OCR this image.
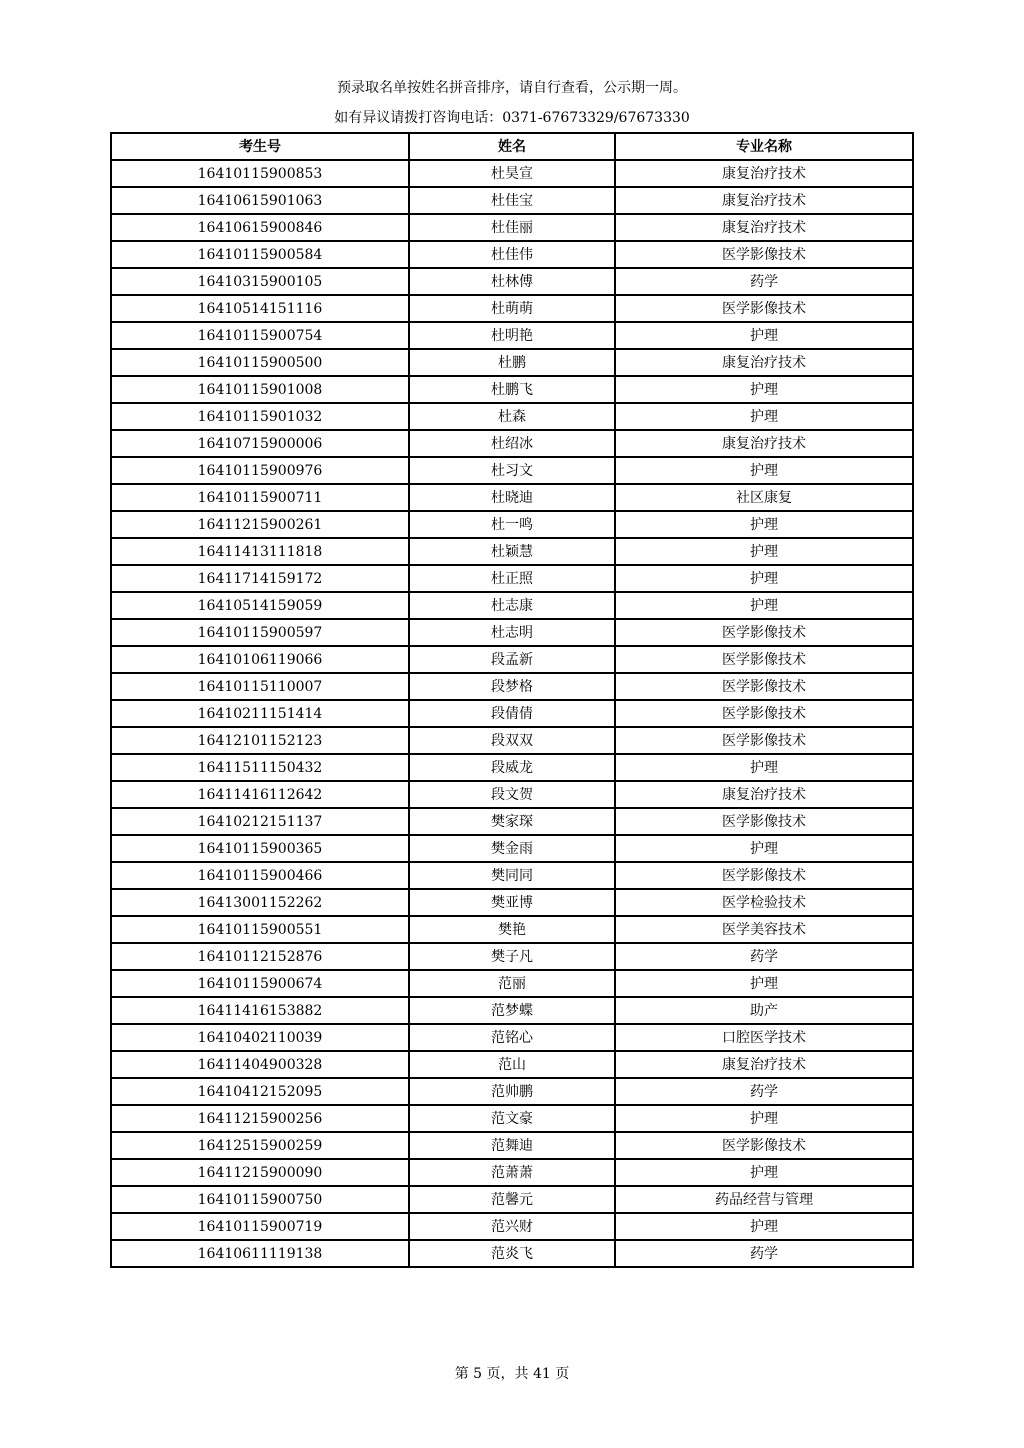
预录取名单按姓名拼音排序，请自行查看，公示期一周。
如有异议请拨打咨询电话：0371-67673329/67673330
考生号	姓名	专业名称
16410115900853	杜昊宣	康复治疗技术
16410615901063	杜佳宝	康复治疗技术
16410615900846	杜佳丽	康复治疗技术
16410115900584	杜佳伟	医学影像技术
16410315900105	杜林傅	药学
16410514151116	杜萌萌	医学影像技术
16410115900754	杜明艳	护理
16410115900500	杜鹏	康复治疗技术
16410115901008	杜鹏飞	护理
16410115901032	杜森	护理
16410715900006	杜绍冰	康复治疗技术
16410115900976	杜习文	护理
16410115900711	杜晓迪	社区康复
16411215900261	杜一鸣	护理
16411413111818	杜颖慧	护理
16411714159172	杜正照	护理
16410514159059	杜志康	护理
16410115900597	杜志明	医学影像技术
16410106119066	段孟新	医学影像技术
16410115110007	段梦格	医学影像技术
16410211151414	段倩倩	医学影像技术
16412101152123	段双双	医学影像技术
16411511150432	段威龙	护理
16411416112642	段文贺	康复治疗技术
16410212151137	樊家琛	医学影像技术
16410115900365	樊金雨	护理
16410115900466	樊同同	医学影像技术
16413001152262	樊亚博	医学检验技术
16410115900551	樊艳	医学美容技术
16410112152876	樊子凡	药学
16410115900674	范丽	护理
16411416153882	范梦蝶	助产
16410402110039	范铭心	口腔医学技术
16411404900328	范山	康复治疗技术
16410412152095	范帅鹏	药学
16411215900256	范文豪	护理
16412515900259	范舞迪	医学影像技术
16411215900090	范萧萧	护理
16410115900750	范馨元	药品经营与管理
16410115900719	范兴财	护理
16410611119138	范炎飞	药学
第 5 页，共 41 页
